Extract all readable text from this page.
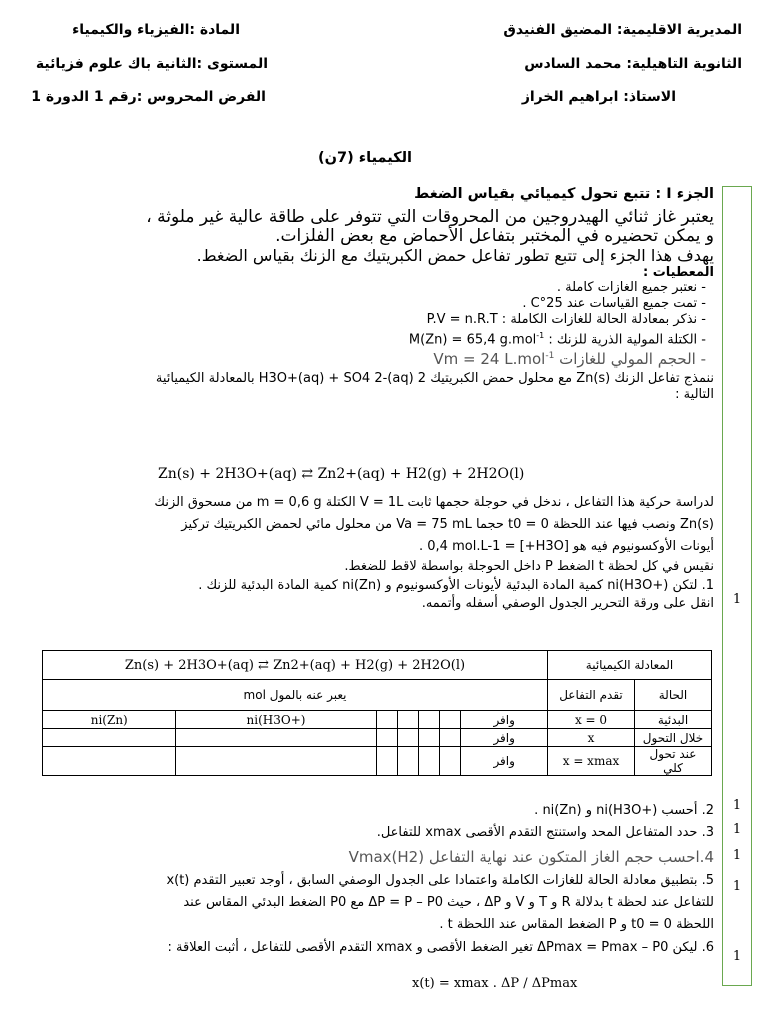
المديرية الاقليمية: المضيق الفنيدق
الثانوية التاهيلية: محمد السادس
الاستاذ: ابراهيم الخراز
المادة :الفيزياء والكيمياء
المستوى :الثانية باك علوم فزيائية
الفرض المحروس :رقم 1 الدورة 1
الكيمياء (7ن)
1
1
1
1
1
1
الجزء I : تتبع تحول كيميائي بقياس الضغط
يعتبر غاز ثنائي الهيدروجين من المحروقات التي تتوفر على طاقة عالية غير ملوثة ،
و يمكن تحضيره في المختبر بتفاعل الأحماض مع بعض الفلزات.
يهدف هذا الجزء إلى تتبع تطور تفاعل حمض الكبريتيك مع الزنك بقياس الضغط.
المعطيات :
- نعتبر جميع الغازات كاملة .
- تمت جميع القياسات عند 25°C .
- نذكر بمعادلة الحالة للغازات الكاملة : P.V = n.R.T
- الكتلة المولية الذرية للزنك : M(Zn) = 65,4 g.mol$^{-1}$
- الحجم المولي للغازات Vm = 24 L.mol$^{-1}$
ننمذج تفاعل الزنك Zn(s) مع محلول حمض الكبريتيك 2 H3O+(aq) + SO4 2-(aq) بالمعادلة الكيميائية
التالية :
Zn(s) + 2H3O+(aq) ⇄ Zn2+(aq) + H2(g) + 2H2O(l)
لدراسة حركية هذا التفاعل ، ندخل في حوجلة حجمها ثابت V = 1L الكتلة m = 0,6 g من مسحوق الزنك
Zn(s) ونصب فيها عند اللحظة t0 = 0 حجما Va = 75 mL من محلول مائي لحمض الكبريتيك تركيز
أيونات الأوكسونيوم فيه هو [H3O+] = 0,4 mol.L-1 .
نقيس في كل لحظة t الضغط P داخل الحوجلة بواسطة لاقط للضغط.
1. لتكن ni(H3O+) كمية المادة البدئية لأيونات الأوكسونيوم و ni(Zn) كمية المادة البدئية للزنك .
انقل على ورقة التحرير الجدول الوصفي أسفله وأتممه.
Zn(s) + 2H3O+(aq) ⇄ Zn2+(aq) + H2(g) + 2H2O(l)							المعادلة الكيميائية	
يعبر عنه بالمول mol							تقدم التفاعل	الحالة
ni(Zn)	ni(H3O+)					وافر	x = 0	البدئية
						وافر	x	خلال التحول
						وافر	x = xmax	عند تحول كلي
2. أحسب ni(H3O+) و ni(Zn) .
3. حدد المتفاعل المحد واستنتج التقدم الأقصى xmax للتفاعل.
4.احسب حجم الغاز المتكون عند نهاية التفاعل Vmax(H2)
5. بتطبيق معادلة الحالة للغازات الكاملة واعتمادا على الجدول الوصفي السابق ، أوجد تعبير التقدم x(t)
للتفاعل عند لحظة t بدلالة R و T و V و ΔP ، حيث ΔP = P – P0 مع P0 الضغط البدئي المقاس عند
اللحظة t0 = 0 و P الضغط المقاس عند اللحظة t .
6. ليكن ΔPmax = Pmax – P0 تغير الضغط الأقصى و xmax التقدم الأقصى للتفاعل ، أثبت العلاقة :
x(t) = xmax . ΔP / ΔPmax
